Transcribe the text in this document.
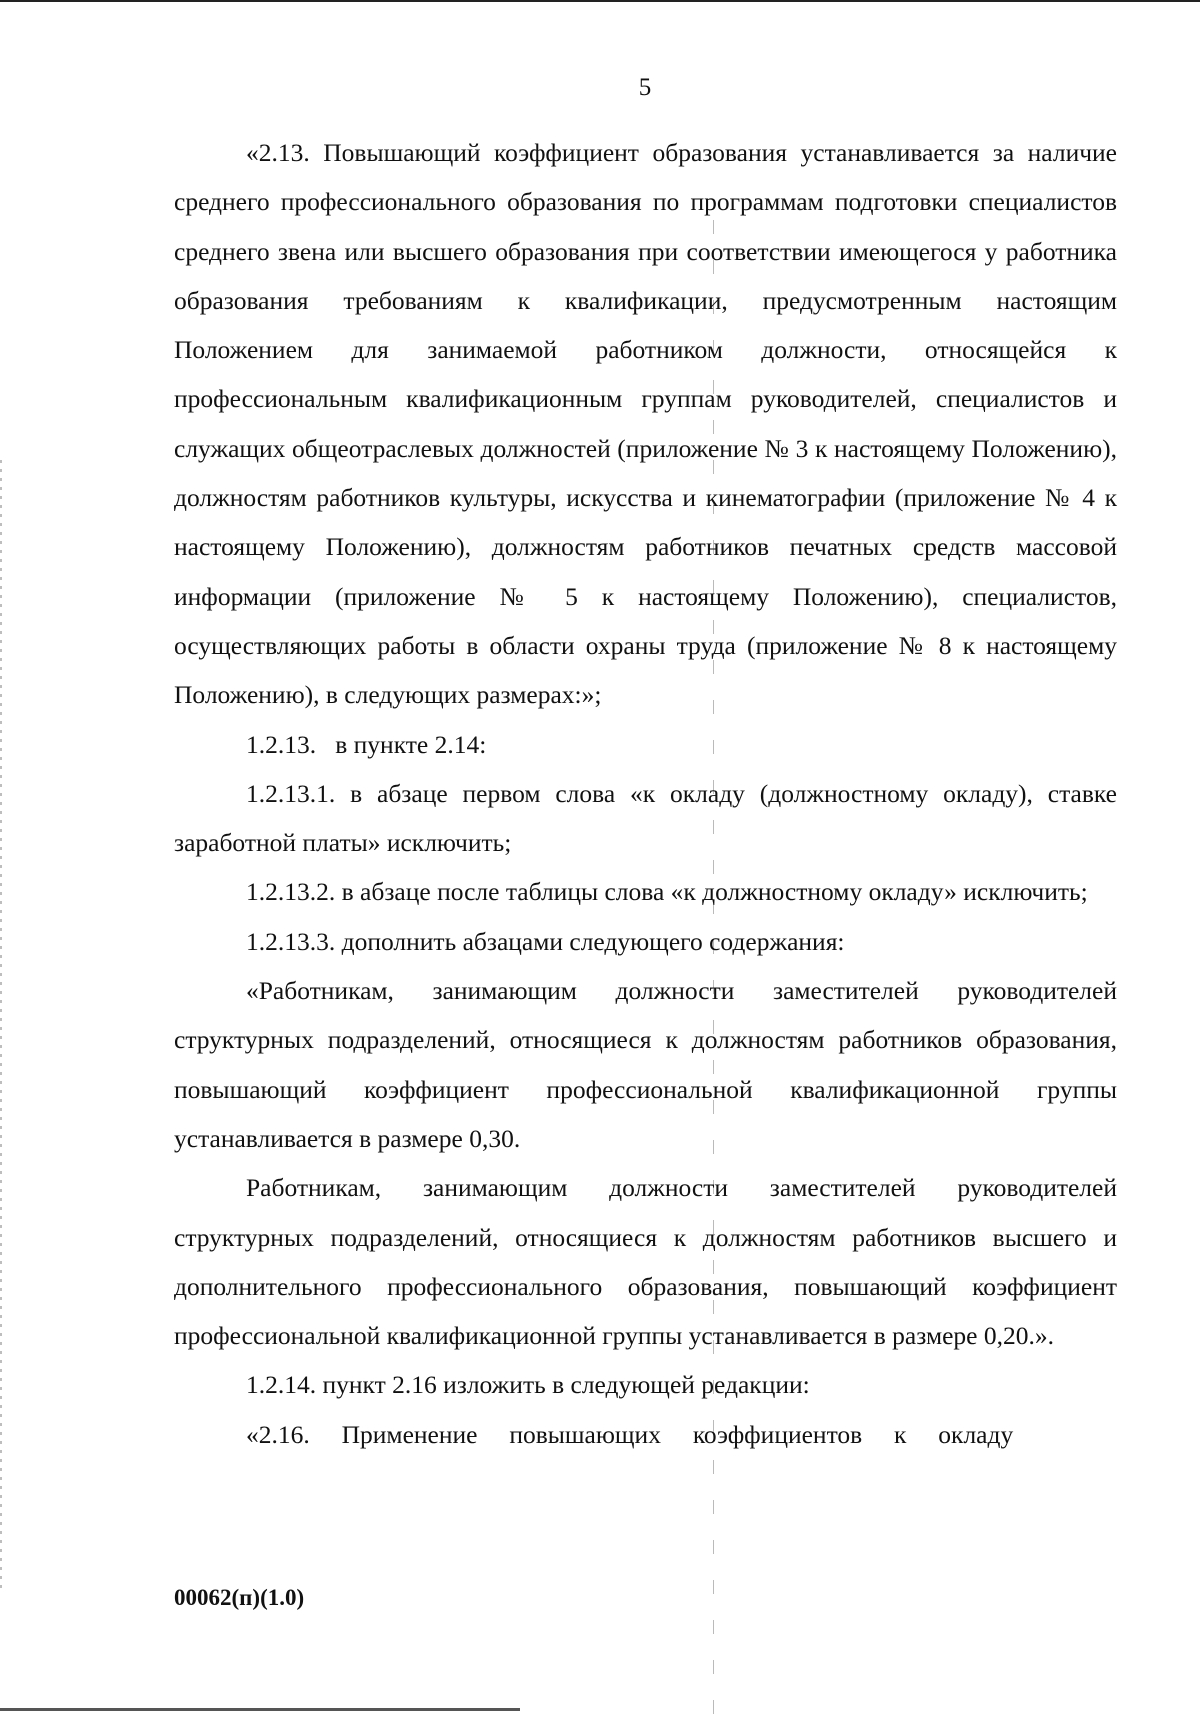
5

«2.13. Повышающий коэффициент образования устанавливается за наличие среднего профессионального образования по программам подготовки специалистов среднего звена или высшего образования при соответствии имеющегося у работника образования требованиям к квалификации, предусмотренным настоящим Положением для занимаемой работником должности, относящейся к профессиональным квалификационным группам руководителей, специалистов и служащих общеотраслевых должностей (приложение № 3 к настоящему Положению), должностям работников культуры, искусства и кинематографии (приложение № 4 к настоящему Положению), должностям работников печатных средств массовой информации (приложение № 5 к настоящему Положению), специалистов, осуществляющих работы в области охраны труда (приложение № 8 к настоящему Положению), в следующих размерах:»;

1.2.13.   в пункте 2.14:

1.2.13.1. в абзаце первом слова «к окладу (должностному окладу), ставке заработной платы» исключить;

1.2.13.2. в абзаце после таблицы слова «к должностному окладу» исключить;

1.2.13.3. дополнить абзацами следующего содержания:

«Работникам, занимающим должности заместителей руководителей структурных подразделений, относящиеся к должностям работников образования, повышающий коэффициент профессиональной квалификационной группы устанавливается в размере 0,30.

Работникам, занимающим должности заместителей руководителей структурных подразделений, относящиеся к должностям работников высшего и дополнительного профессионального образования, повышающий коэффициент профессиональной квалификационной группы устанавливается в размере 0,20.».

1.2.14. пункт 2.16 изложить в следующей редакции:

«2.16.     Применение     повышающих     коэффициентов     к     окладу

00062(п)(1.0)
